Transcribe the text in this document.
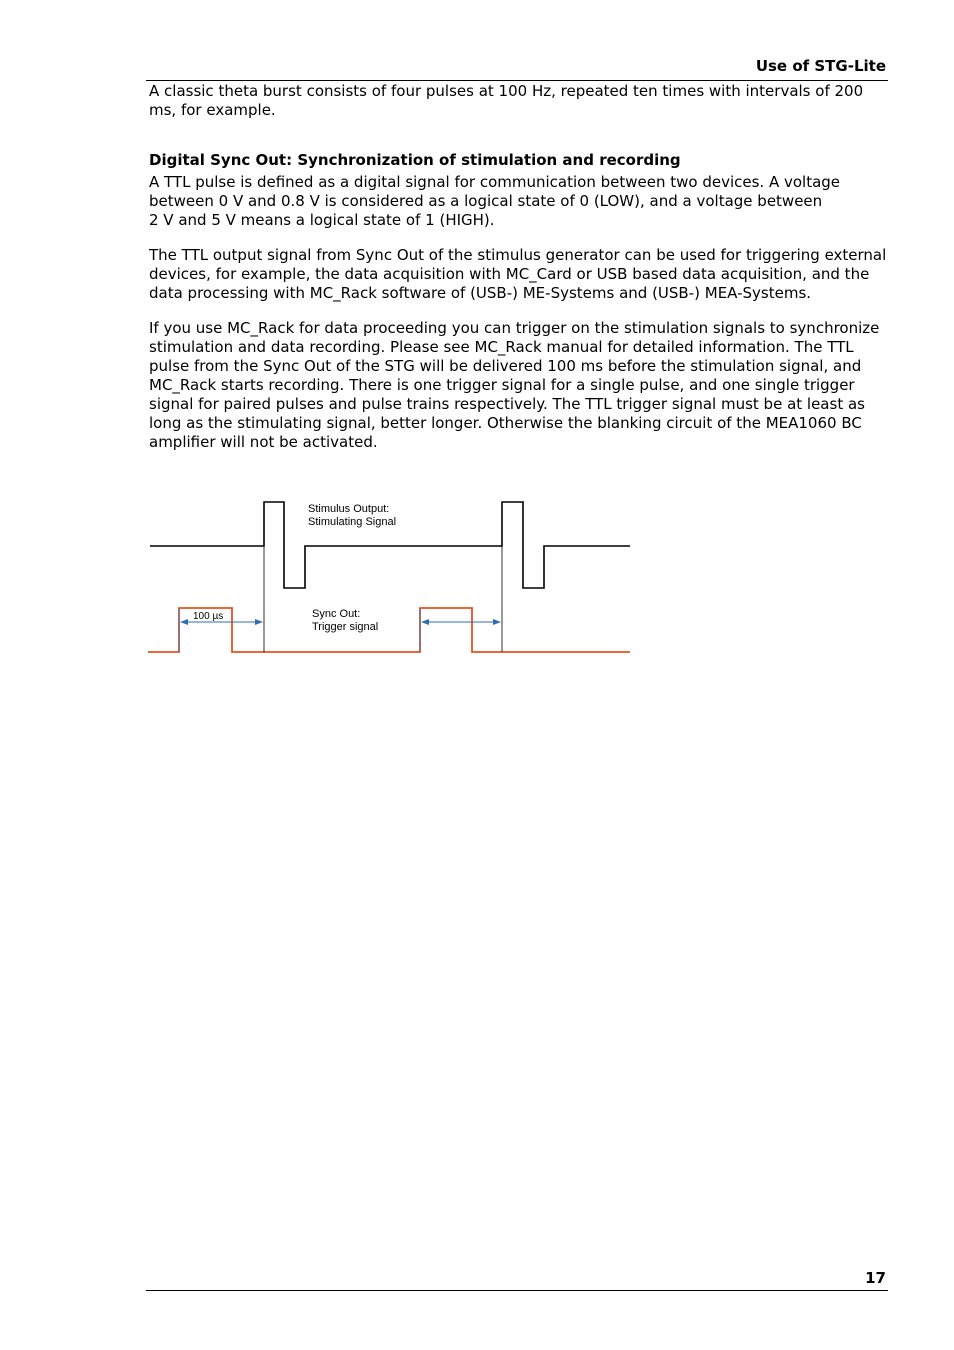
Use of STG-Lite
A classic theta burst consists of four pulses at 100 Hz, repeated ten times with intervals of 200 ms, for example.
Digital Sync Out: Synchronization of stimulation and recording

A TTL pulse is defined as a digital signal for communication between two devices. A voltage

between 0 V and 0.8 V is considered as a logical state of 0 (LOW), and a voltage between

2 V and 5 V means a logical state of 1 (HIGH).

The TTL output signal from Sync Out of the stimulus generator can be used for triggering external

devices, for example, the data acquisition with MC_Card or USB based data acquisition, and the

data processing with MC_Rack software of (USB-) ME-Systems and (USB-) MEA-Systems.

If you use MC_Rack for data proceeding you can trigger on the stimulation signals to synchronize

stimulation and data recording. Please see MC_Rack manual for detailed information. The TTL

pulse from the Sync Out of the STG will be delivered 100 ms before the stimulation signal, and

MC_Rack starts recording. There is one trigger signal for a single pulse, and one single trigger

signal for paired pulses and pulse trains respectively. The TTL trigger signal must be at least as

long as the stimulating signal, better longer. Otherwise the blanking circuit of the MEA1060 BC

amplifier will not be activated.

Stimulus Output:
Stimulating Signal
Sync Out:
Trigger signal
100 µs
17
